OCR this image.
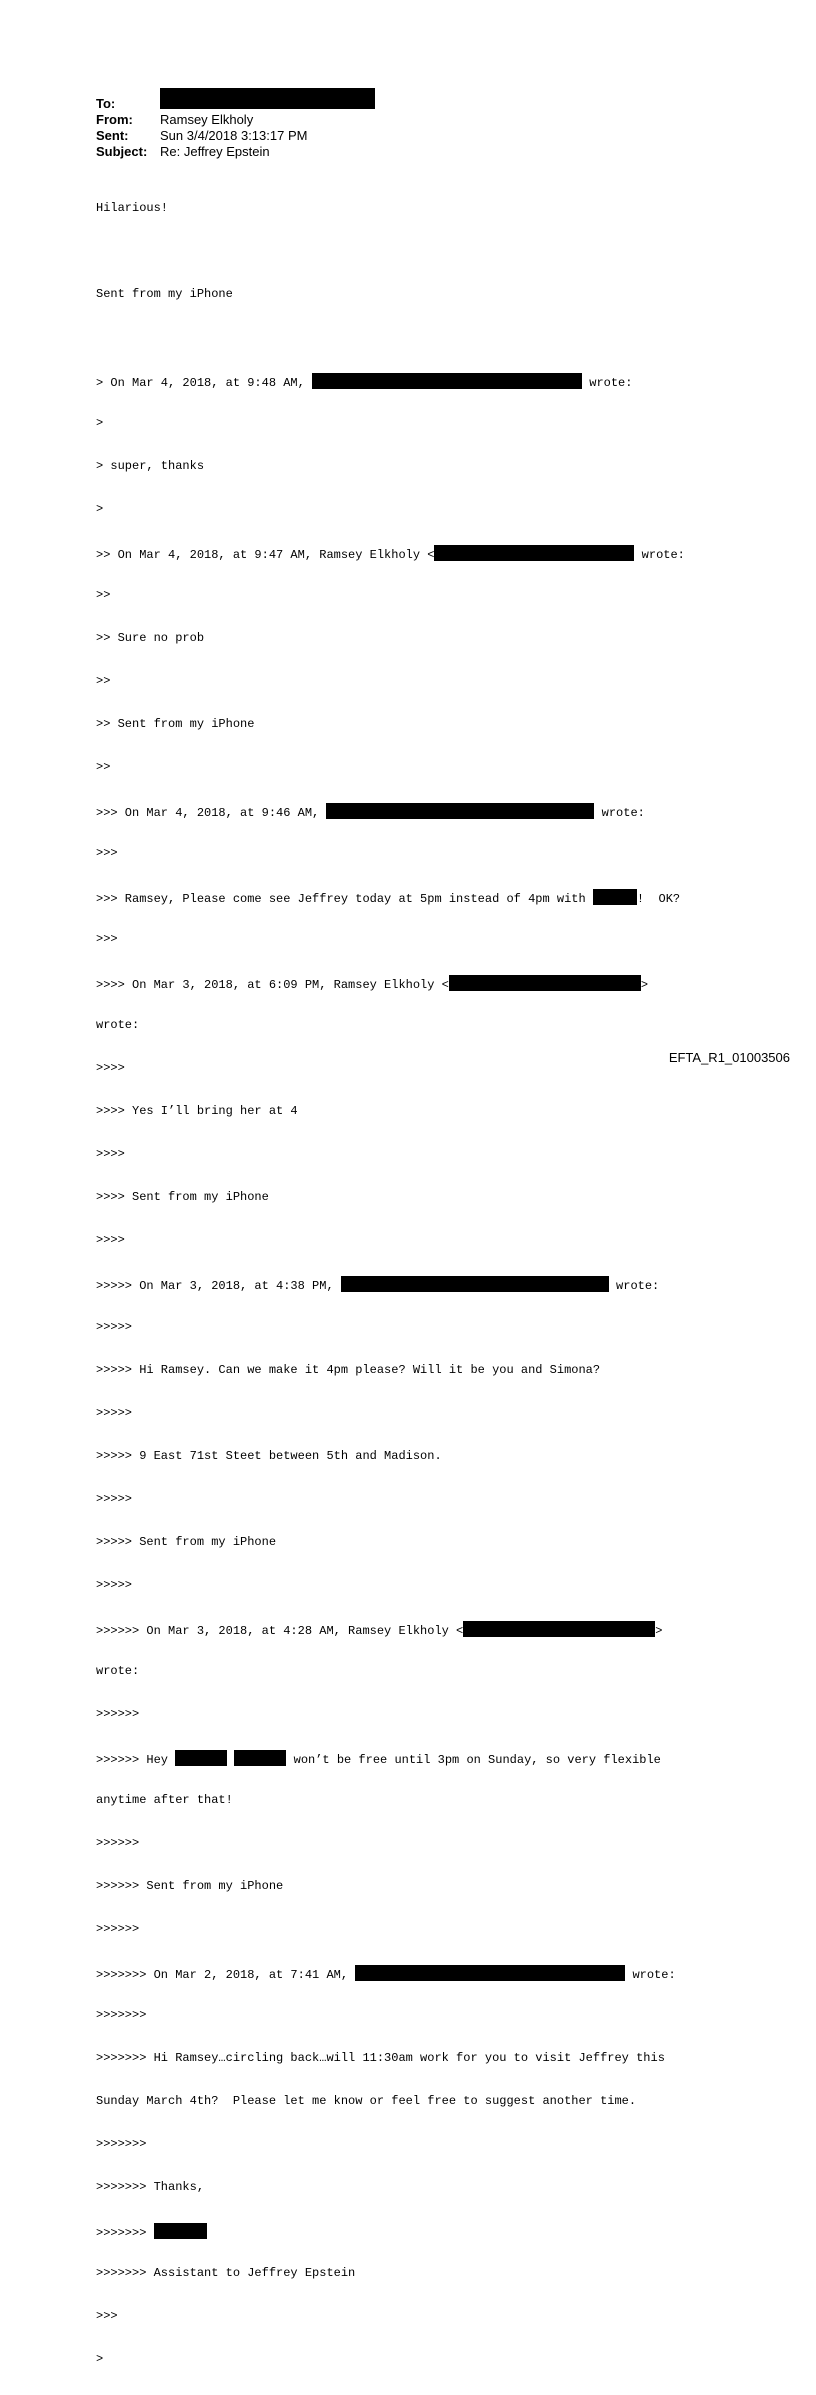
To:
From:	Ramsey Elkholy
Sent:	Sun 3/4/2018 3:13:17 PM
Subject: Re: Jeffrey Epstein

Hilarious!

Sent from my iPhone

> On Mar 4, 2018, at 9:48 AM,	wrote:

>

> super, thanks

>

>> On Mar 4, 2018, at 9:47 AM, Ramsey Elkholy <	wrote:

>>

>> Sure no prob

>>

>> Sent from my iPhone

>>

>>> On Mar 4, 2018, at 9:46 AM,	wrote:

>>>

>>> Ramsey, Please come see Jeffrey today at 5pm instead of 4pm with	!  OK?

>>>

>>>> On Mar 3, 2018, at 6:09 PM, Ramsey Elkholy <	>

wrote:

>>>>

>>>> Yes I’ll bring her at 4

>>>>

>>>> Sent from my iPhone

>>>>

>>>>> On Mar 3, 2018, at 4:38 PM,	wrote:

>>>>>

>>>>> Hi Ramsey. Can we make it 4pm please? Will it be you and Simona?

>>>>>

>>>>> 9 East 71st Steet between 5th and Madison.

>>>>>

>>>>> Sent from my iPhone

>>>>>

>>>>>> On Mar 3, 2018, at 4:28 AM, Ramsey Elkholy <	>

wrote:

>>>>>>

>>>>>> Hey	won’t be free until 3pm on Sunday, so very flexible

anytime after that!

>>>>>>

>>>>>> Sent from my iPhone

>>>>>>

>>>>>>> On Mar 2, 2018, at 7:41 AM,	wrote:

>>>>>>>

>>>>>>> Hi Ramsey…circling back…will 11:30am work for you to visit Jeffrey this

Sunday March 4th?  Please let me know or feel free to suggest another time.

>>>>>>>

>>>>>>> Thanks,

>>>>>>>

>>>>>>> Assistant to Jeffrey Epstein

>>>

>

EFTA_R1_01003506
